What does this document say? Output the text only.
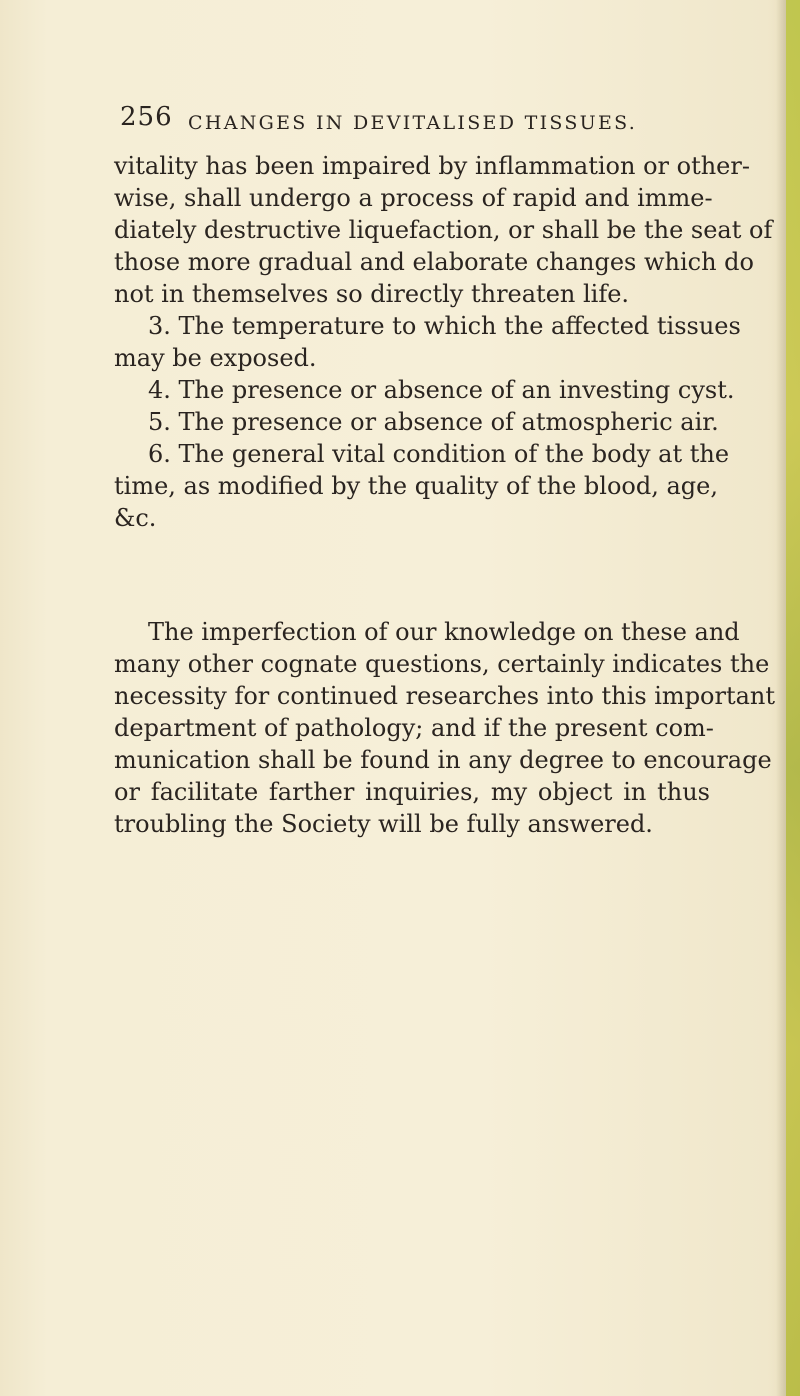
256 CHANGES IN DEVITALISED TISSUES.
vitality has been impaired by inflammation or other-
wise, shall undergo a process of rapid and imme-
diately destructive liquefaction, or shall be the seat of
those more gradual and elaborate changes which do
not in themselves so directly threaten life.
3. The temperature to which the affected tissues
may be exposed.
4. The presence or absence of an investing cyst.
5. The presence or absence of atmospheric air.
6. The general vital condition of the body at the
time, as modified by the quality of the blood, age,
&c.
The imperfection of our knowledge on these and
many other cognate questions, certainly indicates the
necessity for continued researches into this important
department of pathology; and if the present com-
munication shall be found in any degree to encourage
or facilitate farther inquiries, my object in thus
troubling the Society will be fully answered.
